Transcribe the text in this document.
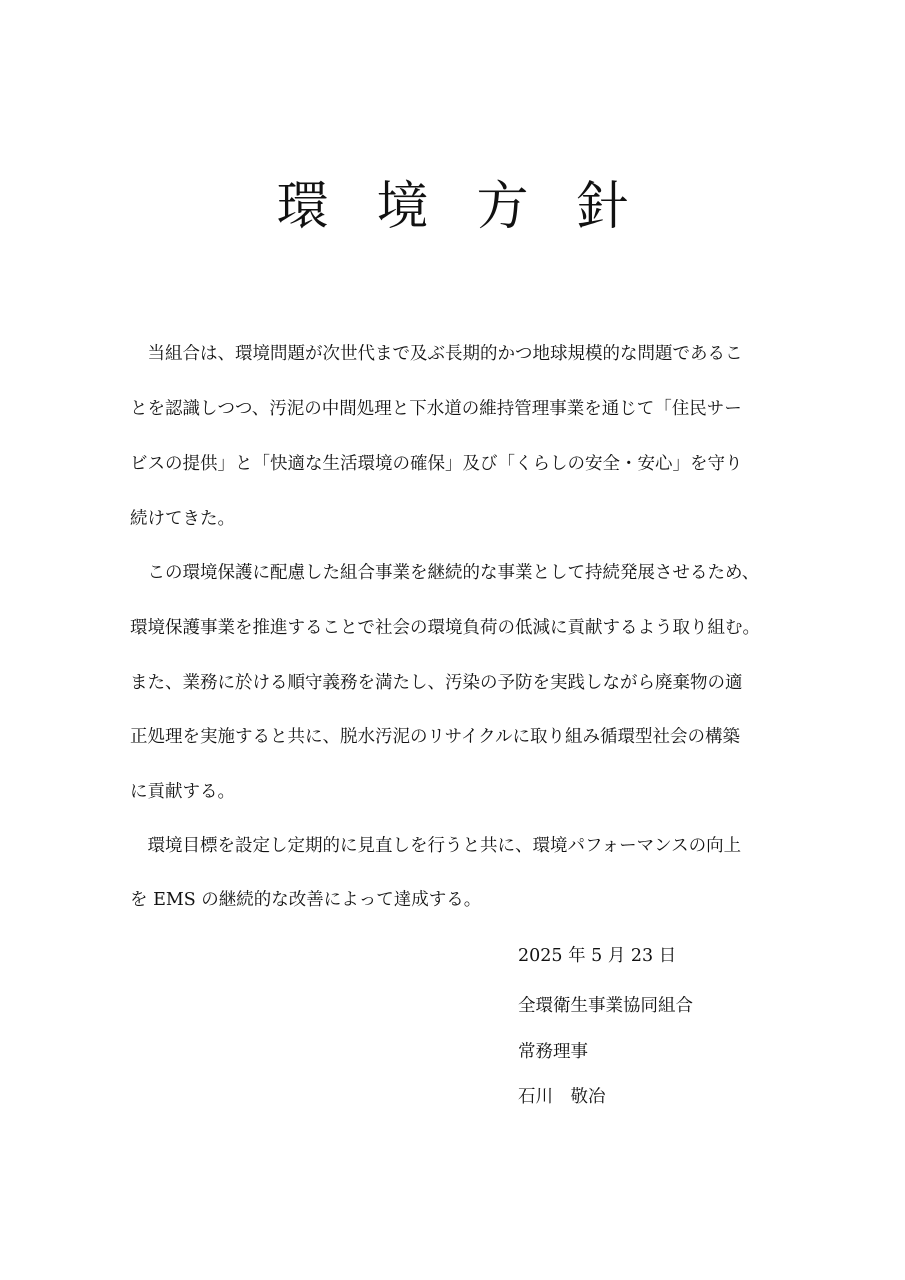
環 境 方 針
　当組合は、環境問題が次世代まで及ぶ長期的かつ地球規模的な問題であるこ
とを認識しつつ、汚泥の中間処理と下水道の維持管理事業を通じて「住民サー
ビスの提供」と「快適な生活環境の確保」及び「くらしの安全・安心」を守り
続けてきた。
　この環境保護に配慮した組合事業を継続的な事業として持続発展させるため、
環境保護事業を推進することで社会の環境負荷の低減に貢献するよう取り組む。
また、業務に於ける順守義務を満たし、汚染の予防を実践しながら廃棄物の適
正処理を実施すると共に、脱水汚泥のリサイクルに取り組み循環型社会の構築
に貢献する。
　環境目標を設定し定期的に見直しを行うと共に、環境パフォーマンスの向上
を EMS の継続的な改善によって達成する。
2025 年 5 月 23 日
全環衛生事業協同組合
常務理事
石川　敬冶
